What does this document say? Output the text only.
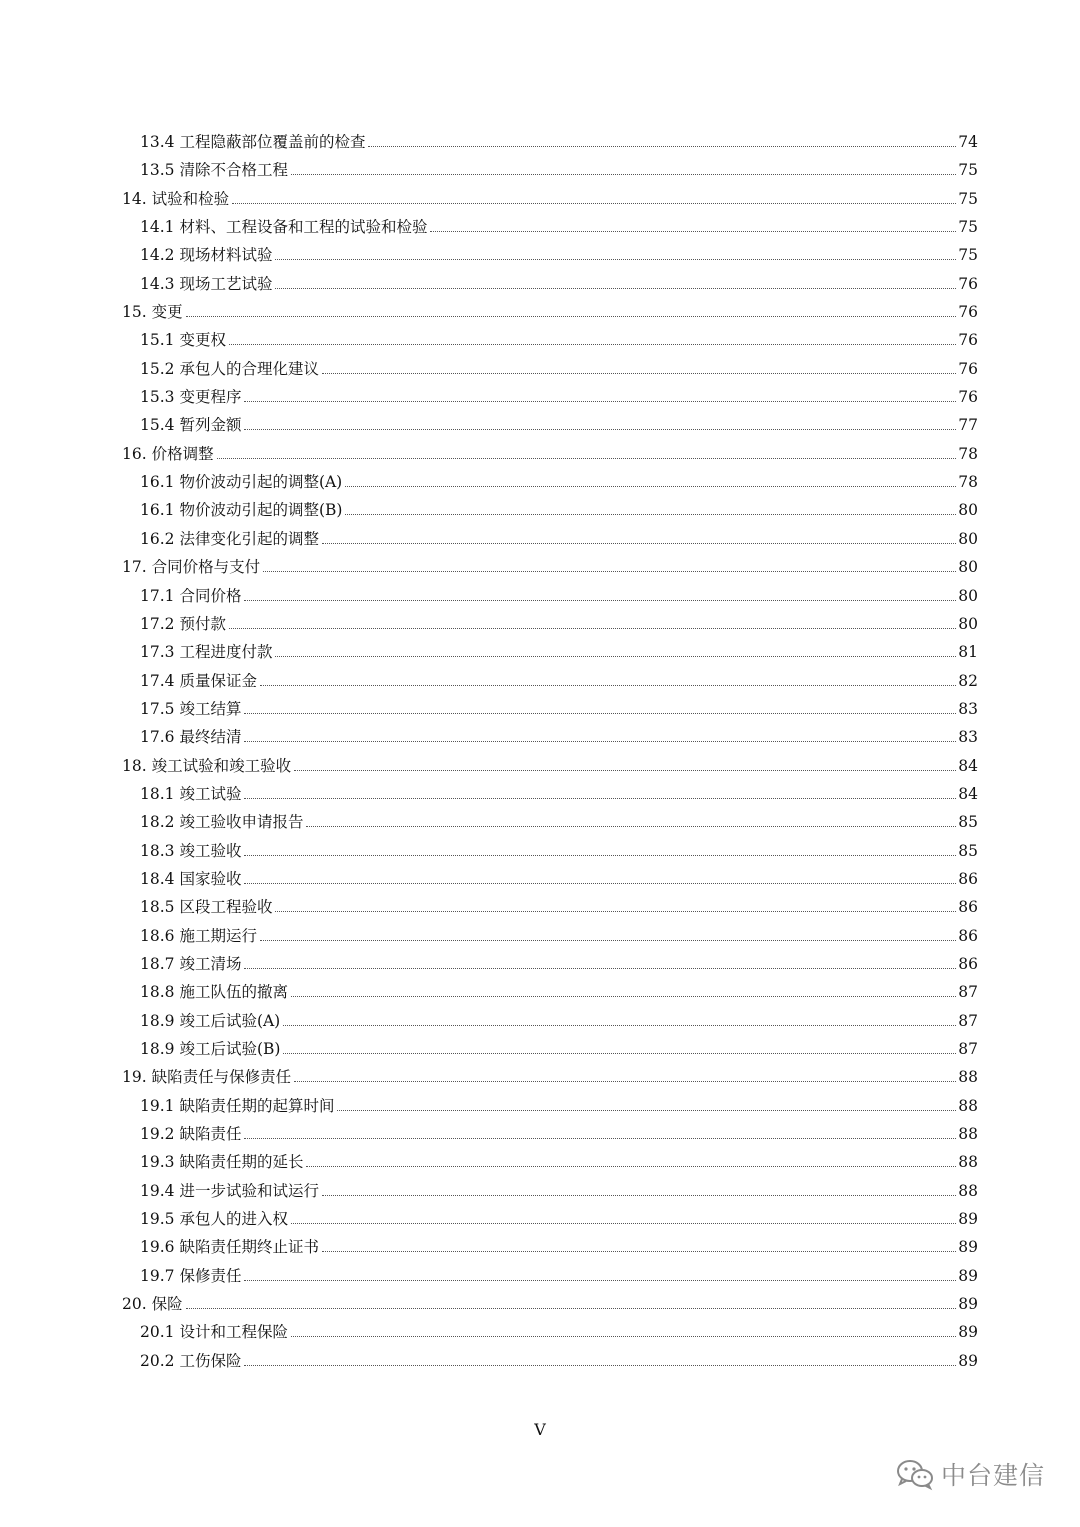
13.4 工程隐蔽部位覆盖前的检查	74
13.5 清除不合格工程	75
14. 试验和检验	75
14.1 材料、工程设备和工程的试验和检验	75
14.2 现场材料试验	75
14.3 现场工艺试验	76
15. 变更	76
15.1 变更权	76
15.2 承包人的合理化建议	76
15.3 变更程序	76
15.4 暂列金额	77
16. 价格调整	78
16.1 物价波动引起的调整(A)	78
16.1 物价波动引起的调整(B)	80
16.2 法律变化引起的调整	80
17. 合同价格与支付	80
17.1 合同价格	80
17.2 预付款	80
17.3 工程进度付款	81
17.4 质量保证金	82
17.5 竣工结算	83
17.6 最终结清	83
18. 竣工试验和竣工验收	84
18.1 竣工试验	84
18.2 竣工验收申请报告	85
18.3 竣工验收	85
18.4 国家验收	86
18.5 区段工程验收	86
18.6 施工期运行	86
18.7 竣工清场	86
18.8 施工队伍的撤离	87
18.9 竣工后试验(A)	87
18.9 竣工后试验(B)	87
19. 缺陷责任与保修责任	88
19.1 缺陷责任期的起算时间	88
19.2 缺陷责任	88
19.3 缺陷责任期的延长	88
19.4 进一步试验和试运行	88
19.5 承包人的进入权	89
19.6 缺陷责任期终止证书	89
19.7 保修责任	89
20. 保险	89
20.1 设计和工程保险	89
20.2 工伤保险	89
V
中台建信
